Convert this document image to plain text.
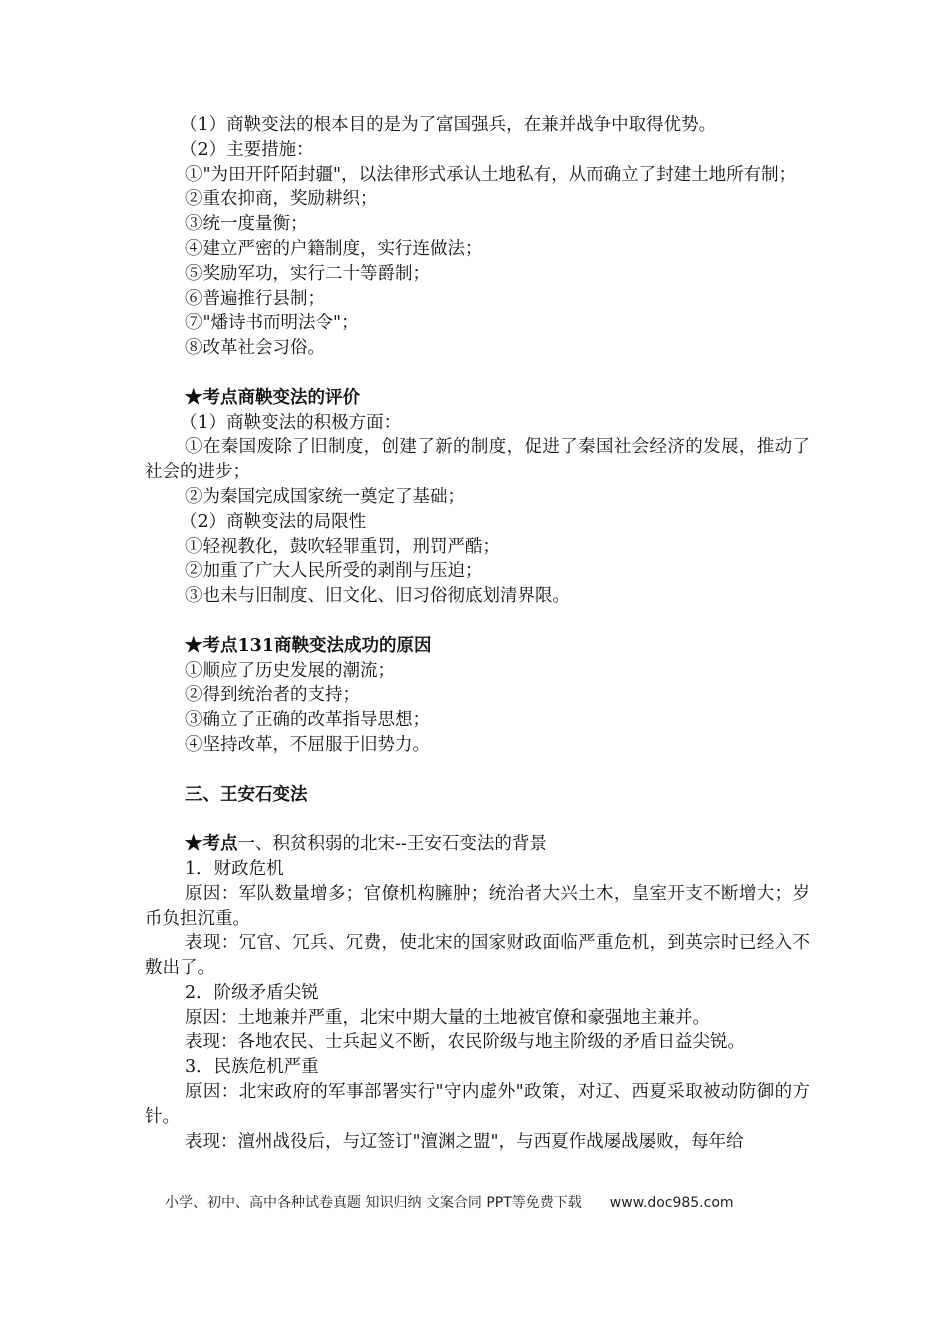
（1）商鞅变法的根本目的是为了富国强兵，在兼并战争中取得优势。
（2）主要措施：
①"为田开阡陌封疆"，以法律形式承认土地私有，从而确立了封建土地所有制；
②重农抑商，奖励耕织；
③统一度量衡；
④建立严密的户籍制度，实行连做法；
⑤奖励军功，实行二十等爵制；
⑥普遍推行县制；
⑦"燔诗书而明法令"；
⑧改革社会习俗。
★考点商鞅变法的评价
（1）商鞅变法的积极方面：
①在秦国废除了旧制度，创建了新的制度，促进了秦国社会经济的发展，推动了社会的进步；
②为秦国完成国家统一奠定了基础；
（2）商鞅变法的局限性
①轻视教化，鼓吹轻罪重罚，刑罚严酷；
②加重了广大人民所受的剥削与压迫；
③也未与旧制度、旧文化、旧习俗彻底划清界限。
★考点131商鞅变法成功的原因
①顺应了历史发展的潮流；
②得到统治者的支持；
③确立了正确的改革指导思想；
④坚持改革，不屈服于旧势力。
三、王安石变法
★考点一、积贫积弱的北宋--王安石变法的背景
1．财政危机
原因：军队数量增多；官僚机构臃肿；统治者大兴土木，皇室开支不断增大；岁币负担沉重。
表现：冗官、冗兵、冗费，使北宋的国家财政面临严重危机，到英宗时已经入不敷出了。
2．阶级矛盾尖锐
原因：土地兼并严重，北宋中期大量的土地被官僚和豪强地主兼并。
表现：各地农民、士兵起义不断，农民阶级与地主阶级的矛盾日益尖锐。
3．民族危机严重
原因：北宋政府的军事部署实行"守内虚外"政策，对辽、西夏采取被动防御的方针。
表现：澶州战役后，与辽签订"澶渊之盟"，与西夏作战屡战屡败，每年给
小学、初中、高中各种试卷真题 知识归纳 文案合同 PPT等免费下载 www.doc985.com
